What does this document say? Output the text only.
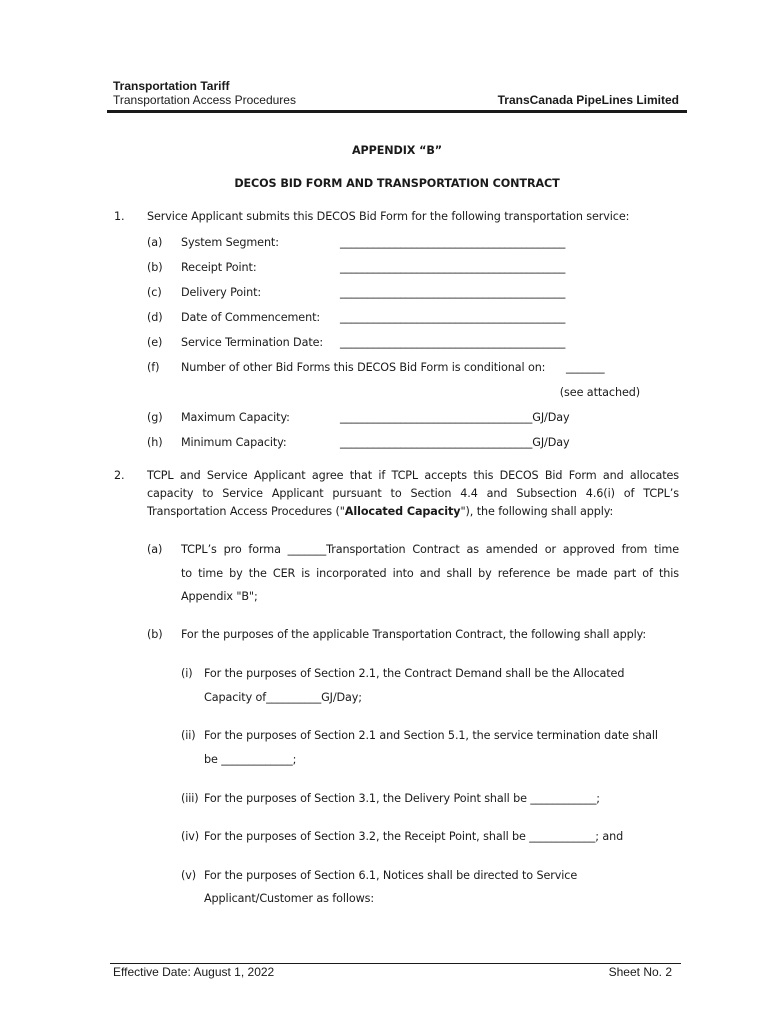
Transportation Tariff
Transportation Access Procedures	TransCanada PipeLines Limited
APPENDIX “B”
DECOS BID FORM AND TRANSPORTATION CONTRACT
1. Service Applicant submits this DECOS Bid Form for the following transportation service:
(a) System Segment:	_________________________________________
(b) Receipt Point:	_________________________________________
(c) Delivery Point:	_________________________________________
(d) Date of Commencement: _________________________________________
(e) Service Termination Date: _________________________________________
(f) Number of other Bid Forms this DECOS Bid Form is conditional on: _______
(see attached)
(g) Maximum Capacity:	___________________________________GJ/Day
(h) Minimum Capacity:	___________________________________GJ/Day
2. TCPL and Service Applicant agree that if TCPL accepts this DECOS Bid Form and allocates
capacity to Service Applicant pursuant to Section 4.4 and Subsection 4.6(i) of TCPL’s
Transportation Access Procedures ("Allocated Capacity"), the following shall apply:
(a) TCPL’s pro forma _______Transportation Contract as amended or approved from time
to time by the CER is incorporated into and shall by reference be made part of this
Appendix "B";
(b) For the purposes of the applicable Transportation Contract, the following shall apply:
(i) For the purposes of Section 2.1, the Contract Demand shall be the Allocated
Capacity of__________GJ/Day;
(ii) For the purposes of Section 2.1 and Section 5.1, the service termination date shall
be _____________;
(iii) For the purposes of Section 3.1, the Delivery Point shall be ____________;
(iv) For the purposes of Section 3.2, the Receipt Point, shall be ____________; and
(v) For the purposes of Section 6.1, Notices shall be directed to Service
Applicant/Customer as follows:
Effective Date: August 1, 2022	Sheet No. 2
